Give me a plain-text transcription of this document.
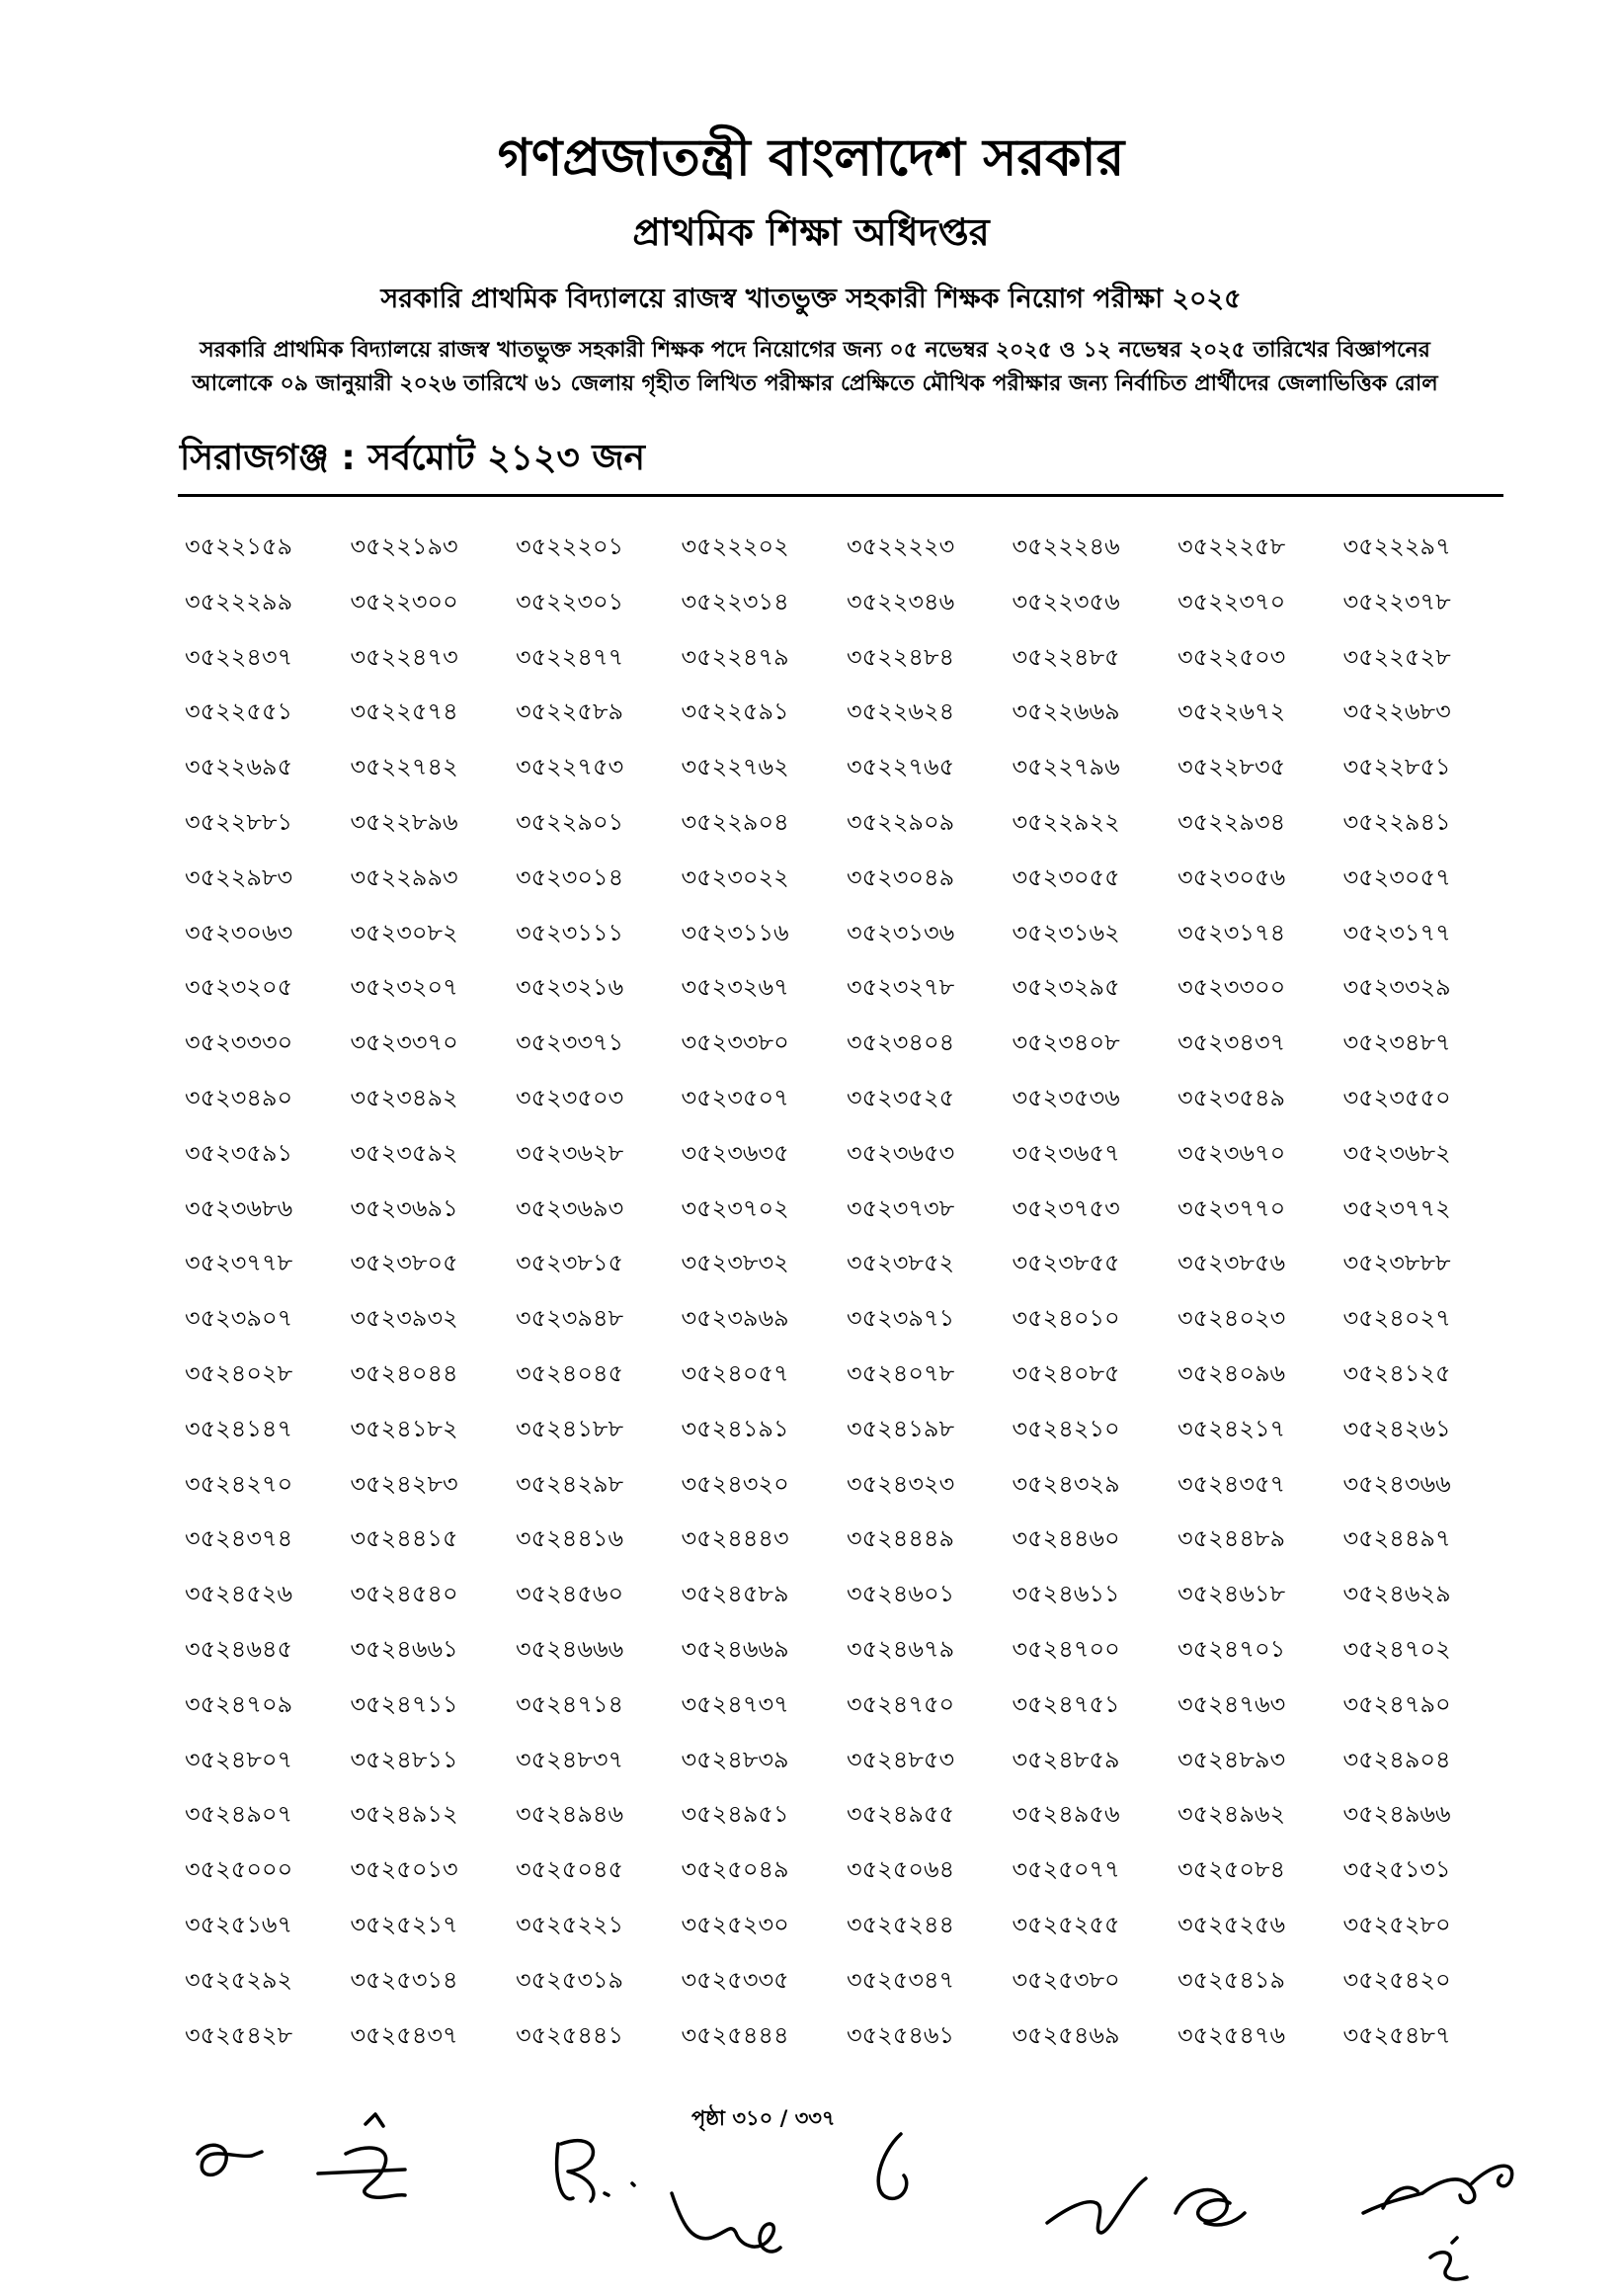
গণপ্রজাতন্ত্রী বাংলাদেশ সরকার
প্রাথমিক শিক্ষা অধিদপ্তর
সরকারি প্রাথমিক বিদ্যালয়ে রাজস্ব খাতভুক্ত সহকারী শিক্ষক নিয়োগ পরীক্ষা ২০২৫
সরকারি প্রাথমিক বিদ্যালয়ে রাজস্ব খাতভুক্ত সহকারী শিক্ষক পদে নিয়োগের জন্য ০৫ নভেম্বর ২০২৫ ও ১২ নভেম্বর ২০২৫ তারিখের বিজ্ঞাপনের আলোকে ০৯ জানুয়ারী ২০২৬ তারিখে ৬১ জেলায় গৃহীত লিখিত পরীক্ষার প্রেক্ষিতে মৌখিক পরীক্ষার জন্য নির্বাচিত প্রার্থীদের জেলাভিত্তিক রোল
সিরাজগঞ্জ : সর্বমোট ২১২৩ জন
৩৫২২১৫৯	৩৫২২১৯৩	৩৫২২২০১	৩৫২২২০২	৩৫২২২২৩	৩৫২২২৪৬	৩৫২২২৫৮	৩৫২২২৯৭
৩৫২২২৯৯	৩৫২২৩০০	৩৫২২৩০১	৩৫২২৩১৪	৩৫২২৩৪৬	৩৫২২৩৫৬	৩৫২২৩৭০	৩৫২২৩৭৮
৩৫২২৪৩৭	৩৫২২৪৭৩	৩৫২২৪৭৭	৩৫২২৪৭৯	৩৫২২৪৮৪	৩৫২২৪৮৫	৩৫২২৫০৩	৩৫২২৫২৮
৩৫২২৫৫১	৩৫২২৫৭৪	৩৫২২৫৮৯	৩৫২২৫৯১	৩৫২২৬২৪	৩৫২২৬৬৯	৩৫২২৬৭২	৩৫২২৬৮৩
৩৫২২৬৯৫	৩৫২২৭৪২	৩৫২২৭৫৩	৩৫২২৭৬২	৩৫২২৭৬৫	৩৫২২৭৯৬	৩৫২২৮৩৫	৩৫২২৮৫১
৩৫২২৮৮১	৩৫২২৮৯৬	৩৫২২৯০১	৩৫২২৯০৪	৩৫২২৯০৯	৩৫২২৯২২	৩৫২২৯৩৪	৩৫২২৯৪১
৩৫২২৯৮৩	৩৫২২৯৯৩	৩৫২৩০১৪	৩৫২৩০২২	৩৫২৩০৪৯	৩৫২৩০৫৫	৩৫২৩০৫৬	৩৫২৩০৫৭
৩৫২৩০৬৩	৩৫২৩০৮২	৩৫২৩১১১	৩৫২৩১১৬	৩৫২৩১৩৬	৩৫২৩১৬২	৩৫২৩১৭৪	৩৫২৩১৭৭
৩৫২৩২০৫	৩৫২৩২০৭	৩৫২৩২১৬	৩৫২৩২৬৭	৩৫২৩২৭৮	৩৫২৩২৯৫	৩৫২৩৩০০	৩৫২৩৩২৯
৩৫২৩৩৩০	৩৫২৩৩৭০	৩৫২৩৩৭১	৩৫২৩৩৮০	৩৫২৩৪০৪	৩৫২৩৪০৮	৩৫২৩৪৩৭	৩৫২৩৪৮৭
৩৫২৩৪৯০	৩৫২৩৪৯২	৩৫২৩৫০৩	৩৫২৩৫০৭	৩৫২৩৫২৫	৩৫২৩৫৩৬	৩৫২৩৫৪৯	৩৫২৩৫৫০
৩৫২৩৫৯১	৩৫২৩৫৯২	৩৫২৩৬২৮	৩৫২৩৬৩৫	৩৫২৩৬৫৩	৩৫২৩৬৫৭	৩৫২৩৬৭০	৩৫২৩৬৮২
৩৫২৩৬৮৬	৩৫২৩৬৯১	৩৫২৩৬৯৩	৩৫২৩৭০২	৩৫২৩৭৩৮	৩৫২৩৭৫৩	৩৫২৩৭৭০	৩৫২৩৭৭২
৩৫২৩৭৭৮	৩৫২৩৮০৫	৩৫২৩৮১৫	৩৫২৩৮৩২	৩৫২৩৮৫২	৩৫২৩৮৫৫	৩৫২৩৮৫৬	৩৫২৩৮৮৮
৩৫২৩৯০৭	৩৫২৩৯৩২	৩৫২৩৯৪৮	৩৫২৩৯৬৯	৩৫২৩৯৭১	৩৫২৪০১০	৩৫২৪০২৩	৩৫২৪০২৭
৩৫২৪০২৮	৩৫২৪০৪৪	৩৫২৪০৪৫	৩৫২৪০৫৭	৩৫২৪০৭৮	৩৫২৪০৮৫	৩৫২৪০৯৬	৩৫২৪১২৫
৩৫২৪১৪৭	৩৫২৪১৮২	৩৫২৪১৮৮	৩৫২৪১৯১	৩৫২৪১৯৮	৩৫২৪২১০	৩৫২৪২১৭	৩৫২৪২৬১
৩৫২৪২৭০	৩৫২৪২৮৩	৩৫২৪২৯৮	৩৫২৪৩২০	৩৫২৪৩২৩	৩৫২৪৩২৯	৩৫২৪৩৫৭	৩৫২৪৩৬৬
৩৫২৪৩৭৪	৩৫২৪৪১৫	৩৫২৪৪১৬	৩৫২৪৪৪৩	৩৫২৪৪৪৯	৩৫২৪৪৬০	৩৫২৪৪৮৯	৩৫২৪৪৯৭
৩৫২৪৫২৬	৩৫২৪৫৪০	৩৫২৪৫৬০	৩৫২৪৫৮৯	৩৫২৪৬০১	৩৫২৪৬১১	৩৫২৪৬১৮	৩৫২৪৬২৯
৩৫২৪৬৪৫	৩৫২৪৬৬১	৩৫২৪৬৬৬	৩৫২৪৬৬৯	৩৫২৪৬৭৯	৩৫২৪৭০০	৩৫২৪৭০১	৩৫২৪৭০২
৩৫২৪৭০৯	৩৫২৪৭১১	৩৫২৪৭১৪	৩৫২৪৭৩৭	৩৫২৪৭৫০	৩৫২৪৭৫১	৩৫২৪৭৬৩	৩৫২৪৭৯০
৩৫২৪৮০৭	৩৫২৪৮১১	৩৫২৪৮৩৭	৩৫২৪৮৩৯	৩৫২৪৮৫৩	৩৫২৪৮৫৯	৩৫২৪৮৯৩	৩৫২৪৯০৪
৩৫২৪৯০৭	৩৫২৪৯১২	৩৫২৪৯৪৬	৩৫২৪৯৫১	৩৫২৪৯৫৫	৩৫২৪৯৫৬	৩৫২৪৯৬২	৩৫২৪৯৬৬
৩৫২৫০০০	৩৫২৫০১৩	৩৫২৫০৪৫	৩৫২৫০৪৯	৩৫২৫০৬৪	৩৫২৫০৭৭	৩৫২৫০৮৪	৩৫২৫১৩১
৩৫২৫১৬৭	৩৫২৫২১৭	৩৫২৫২২১	৩৫২৫২৩০	৩৫২৫২৪৪	৩৫২৫২৫৫	৩৫২৫২৫৬	৩৫২৫২৮০
৩৫২৫২৯২	৩৫২৫৩১৪	৩৫২৫৩১৯	৩৫২৫৩৩৫	৩৫২৫৩৪৭	৩৫২৫৩৮০	৩৫২৫৪১৯	৩৫২৫৪২০
৩৫২৫৪২৮	৩৫২৫৪৩৭	৩৫২৫৪৪১	৩৫২৫৪৪৪	৩৫২৫৪৬১	৩৫২৫৪৬৯	৩৫২৫৪৭৬	৩৫২৫৪৮৭
পৃষ্ঠা ৩১০ / ৩৩৭
